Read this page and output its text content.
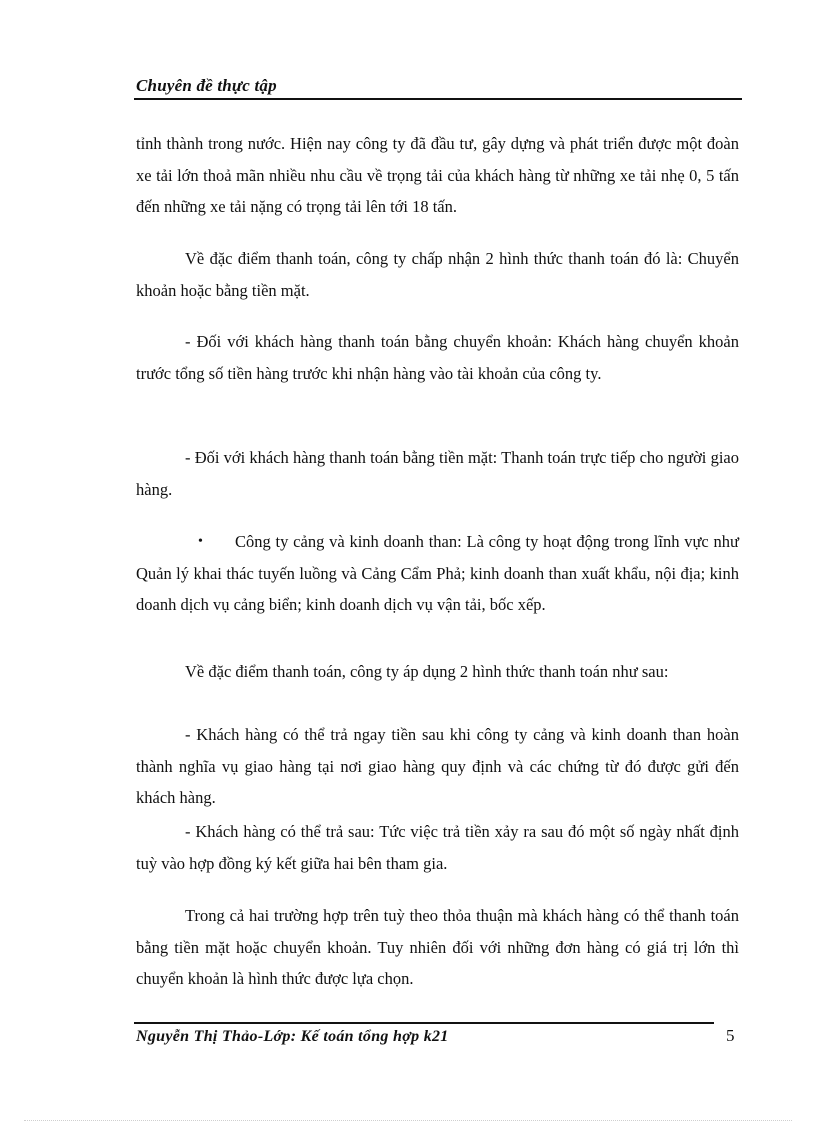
Chuyên đề thực tập

tỉnh thành trong nước. Hiện nay công ty đã đầu tư, gây dựng và phát triển được một đoàn xe tải lớn thoả mãn nhiều nhu cầu về trọng tải của khách hàng từ những xe tải nhẹ 0, 5 tấn đến những xe tải nặng có trọng tải lên tới 18 tấn.

Về đặc điểm thanh toán, công ty chấp nhận 2 hình thức thanh toán đó là: Chuyển khoản hoặc bằng tiền mặt.

- Đối với khách hàng thanh toán bằng chuyển khoản: Khách hàng chuyển khoản trước tổng số tiền hàng trước khi nhận hàng vào tài khoản của công ty.

- Đối với khách hàng thanh toán bằng tiền mặt: Thanh toán trực tiếp cho người giao hàng.

•	Công ty cảng và kinh doanh than: Là công ty hoạt động trong lĩnh vực như Quản lý khai thác tuyến luồng và Cảng Cẩm Phả; kinh doanh than xuất khẩu, nội địa; kinh doanh dịch vụ cảng biển; kinh doanh dịch vụ vận tải, bốc xếp.

Về đặc điểm thanh toán, công ty áp dụng 2 hình thức thanh toán như sau:

- Khách hàng có thể trả ngay tiền sau khi công ty cảng và kinh doanh than hoàn thành nghĩa vụ giao hàng tại nơi giao hàng quy định và các chứng từ đó được gửi đến khách hàng.

- Khách hàng có thể trả sau: Tức việc trả tiền xảy ra sau đó một số ngày nhất định tuỳ vào hợp đồng ký kết giữa hai bên tham gia.

Trong cả hai trường hợp trên tuỳ theo thỏa thuận mà khách hàng có thể thanh toán bằng tiền mặt hoặc chuyển khoản. Tuy nhiên đối với những đơn hàng có giá trị lớn thì chuyển khoản là hình thức được lựa chọn.

Nguyễn Thị Thảo-Lớp: Kế toán tổng hợp k21	5
